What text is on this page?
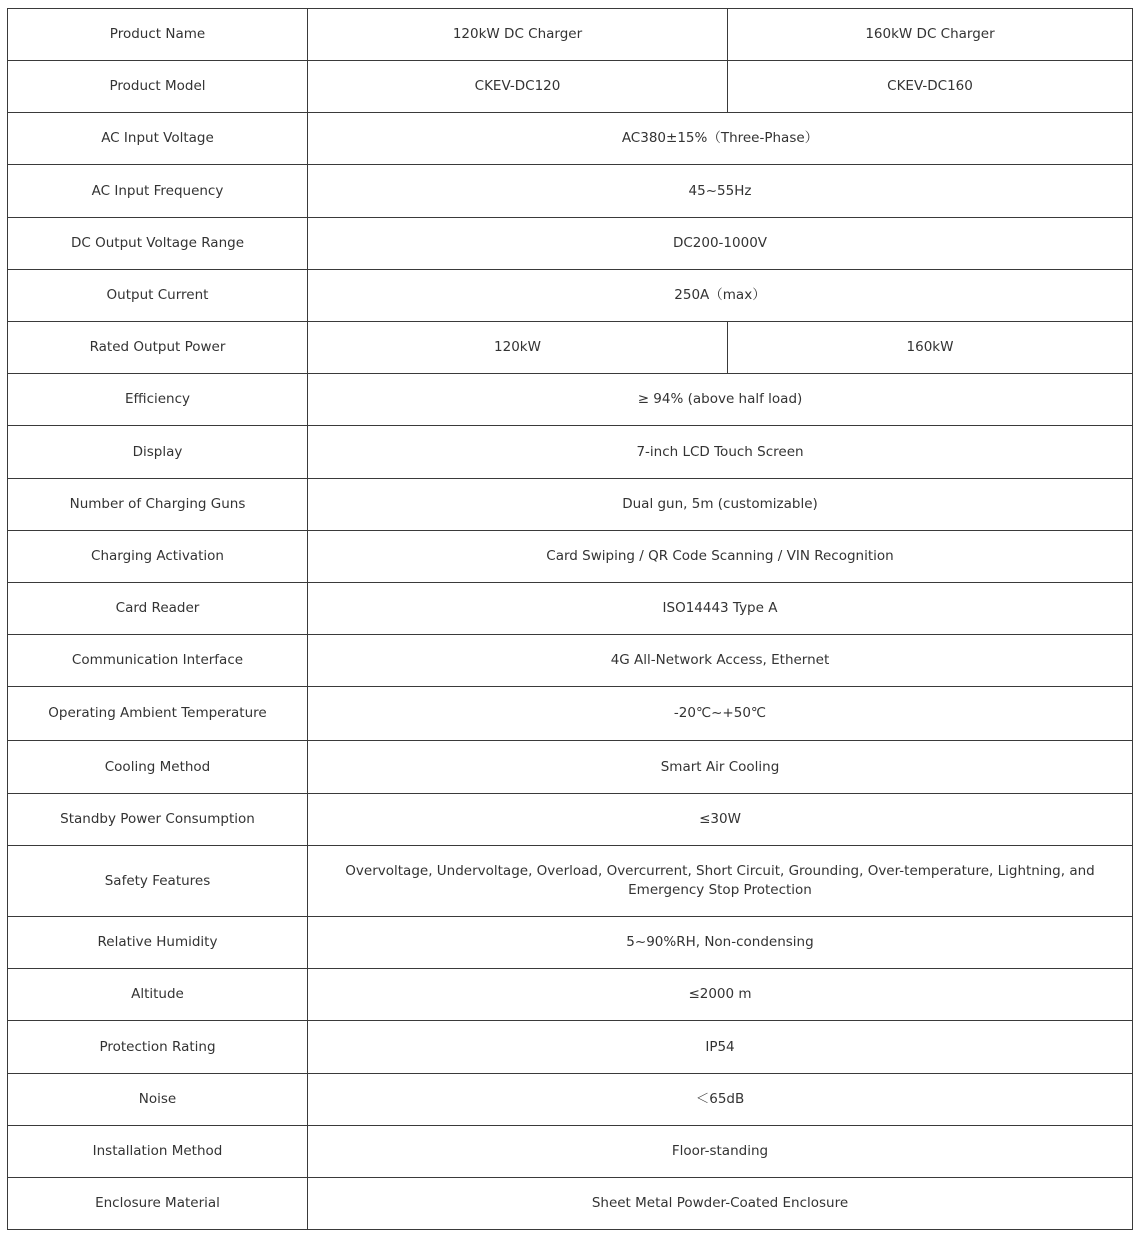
Product Name	120kW DC Charger	160kW DC Charger
Product Model	CKEV-DC120	CKEV-DC160
AC Input Voltage	AC380±15%（Three-Phase）	
AC Input Frequency	45~55Hz	
DC Output Voltage Range	DC200-1000V	
Output Current	250A（max）	
Rated Output Power	120kW	160kW
Efficiency	≥ 94% (above half load)	
Display	7-inch LCD Touch Screen	
Number of Charging Guns	Dual gun, 5m (customizable)	
Charging Activation	Card Swiping / QR Code Scanning / VIN Recognition	
Card Reader	ISO14443 Type A	
Communication Interface	4G All-Network Access, Ethernet	
Operating Ambient Temperature	-20℃~+50℃	
Cooling Method	Smart Air Cooling	
Standby Power Consumption	≤30W	
Safety Features	Overvoltage, Undervoltage, Overload, Overcurrent, Short Circuit, Grounding, Over-temperature, Lightning, and Emergency Stop Protection	
Relative Humidity	5~90%RH, Non-condensing	
Altitude	≤2000 m	
Protection Rating	IP54	
Noise	＜65dB	
Installation Method	Floor-standing	
Enclosure Material	Sheet Metal Powder-Coated Enclosure	
